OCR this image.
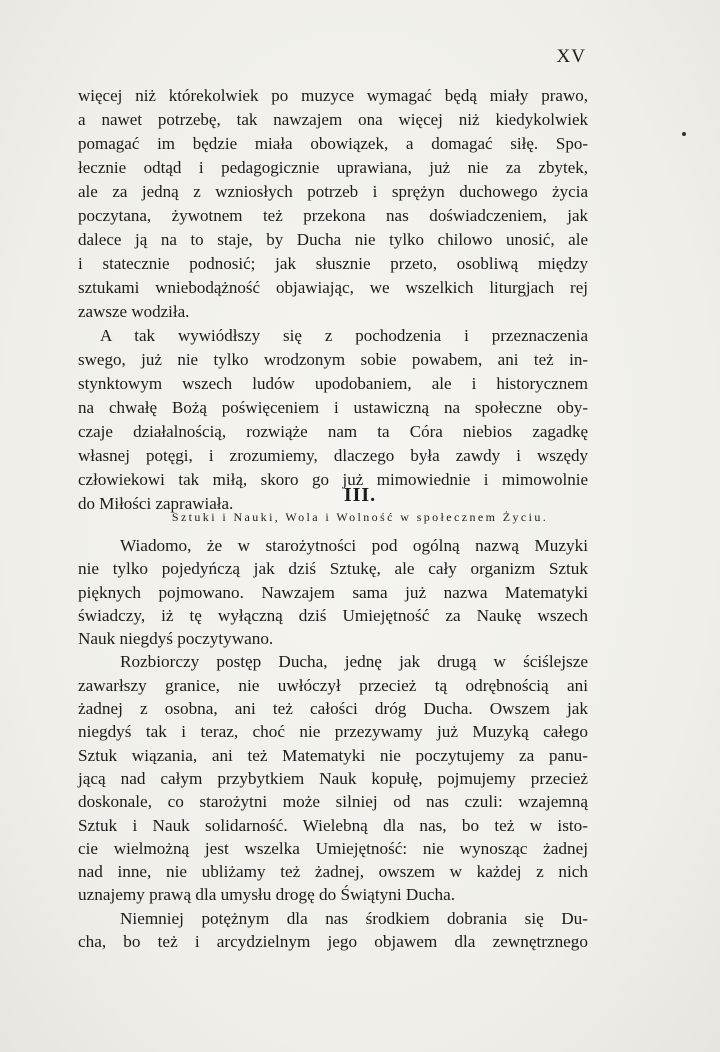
XV
więcej niż którekolwiek po muzyce wymagać będą miały prawo,
a nawet potrzebę, tak nawzajem ona więcej niż kiedykolwiek
pomagać im będzie miała obowiązek, a domagać siłę. Spo-
łecznie odtąd i pedagogicznie uprawiana, już nie za zbytek,
ale za jedną z wzniosłych potrzeb i sprężyn duchowego życia
poczytana, żywotnem też przekona nas doświadczeniem, jak
dalece ją na to staje, by Ducha nie tylko chilowo unosić, ale
i statecznie podnosić; jak słusznie przeto, osobliwą między
sztukami wniebodążność objawiając, we wszelkich liturgjach rej
zawsze wodziła.
A tak wywiódłszy się z pochodzenia i przeznaczenia
swego, już nie tylko wrodzonym sobie powabem, ani też in-
stynktowym wszech ludów upodobaniem, ale i historycznem
na chwałę Bożą poświęceniem i ustawiczną na społeczne oby-
czaje działalnością, rozwiąże nam ta Córa niebios zagadkę
własnej potęgi, i zrozumiemy, dlaczego była zawdy i wszędy
człowiekowi tak miłą, skoro go już mimowiednie i mimowolnie
do Miłości zaprawiała.	III.
Sztuki i Nauki, Wola i Wolność w społecznem Życiu.
Wiadomo, że w starożytności pod ogólną nazwą Muzyki
nie tylko pojedyńczą jak dziś Sztukę, ale cały organizm Sztuk
pięknych pojmowano. Nawzajem sama już nazwa Matematyki
świadczy, iż tę wyłączną dziś Umiejętność za Naukę wszech
Nauk niegdyś poczytywano.
Rozbiorczy postęp Ducha, jednę jak drugą w ściślejsze
zawarłszy granice, nie uwłóczył przecież tą odrębnością ani
żadnej z osobna, ani też całości dróg Ducha. Owszem jak
niegdyś tak i teraz, choć nie przezywamy już Muzyką całego
Sztuk wiązania, ani też Matematyki nie poczytujemy za panu-
jącą nad całym przybytkiem Nauk kopułę, pojmujemy przecież
doskonale, co starożytni może silniej od nas czuli: wzajemną
Sztuk i Nauk solidarność. Wielebną dla nas, bo też w isto-
cie wielmożną jest wszelka Umiejętność: nie wynosząc żadnej
nad inne, nie ubliżamy też żadnej, owszem w każdej z nich
uznajemy prawą dla umysłu drogę do Świątyni Ducha.
Niemniej potężnym dla nas środkiem dobrania się Du-
cha, bo też i arcydzielnym jego objawem dla zewnętrznego
